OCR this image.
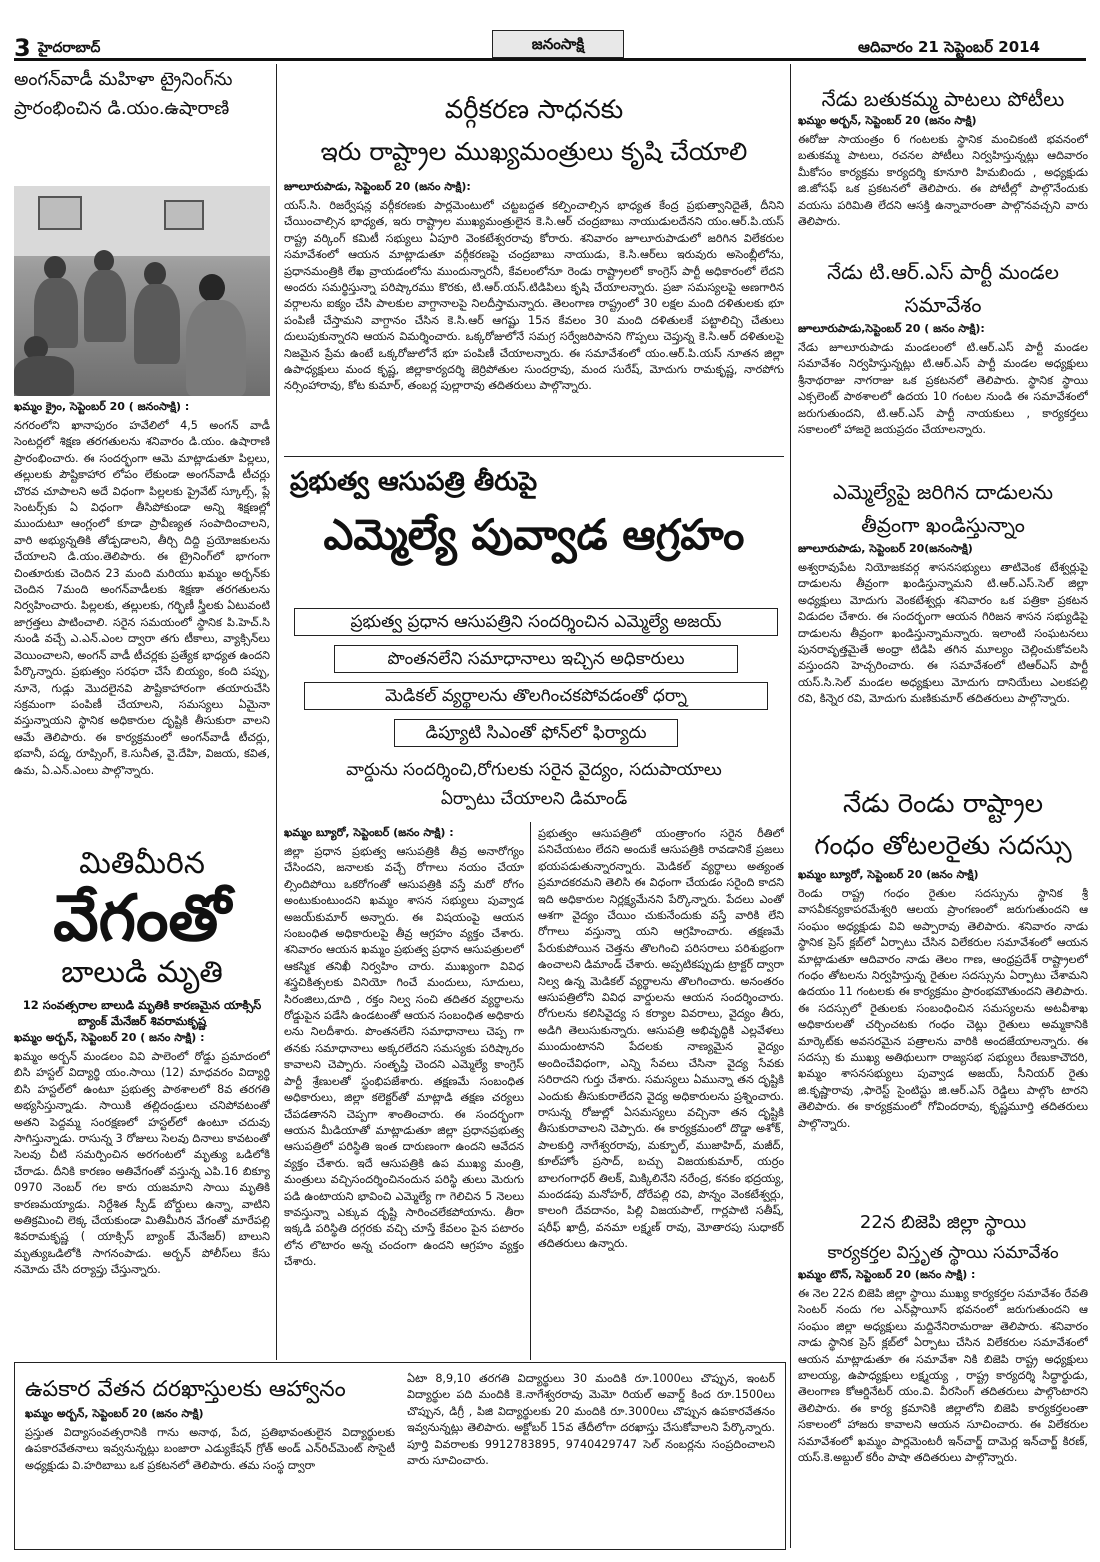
3 హైదరాబాద్	జనంసాక్షి	ఆదివారం 21 సెప్టెంబర్ 2014

అంగన్‌వాడీ మహిళా ట్రైనింగ్‌ను

ప్రారంభించిన డి.యం.ఉషారాణి

ఖమ్మం క్రైం, సెప్టెంబర్ 20 ( జనంసాక్షి) :

నగరంలోని ఖానాపురం హవేలిలో 4,5 అంగన్ వాడీ సెంటర్లలో శిక్షణ తరగతులను శనివారం డి.యం. ఉషారాణి ప్రారంభించారు. ఈ సందర్భంగా ఆమె మాట్లాడుతూ పిల్లలు, తల్లులకు పౌష్టికాహార లోపం లేకుండా అంగన్‌వాడీ టీచర్లు చొరవ చూపాలని అదే విధంగా పిల్లలకు ప్రైవేట్ స్కూల్స్, ప్లే సెంటర్స్‌కు ఏ విధంగా తీసిపోకుండా అన్ని శిక్షణల్లో ముందుటూ ఆంగ్లంలో కూడా ప్రావీణ్యత సంపాదించాలని, వారి అభ్యున్నతికి తోడ్పడాలని, తీర్చి దిద్ది ప్రయోజకులను చేయాలని డి.యం.తెలిపారు. ఈ ట్రైనింగ్‌లో భాగంగా చింతూరుకు చెందిన 23 మంది మరియు ఖమ్మం అర్బన్‌కు చెందిన 7మంది అంగన్‌వాడీలకు శిక్షణా తరగతులను నిర్వహించారు. పిల్లలకు, తల్లులకు, గర్భిణీ స్త్రీలకు ఏటువంటి జాగ్రత్తలు పాటించాలి. సరైన సమయంలో స్థానిక పి.హెచ్.సి నుండి వచ్చే ఎ.ఎన్.ఎంల ద్వారా తగు టీకాలు, వ్యాక్సిన్‌లు వెయించాలని, అంగన్ వాడీ టీచర్లకు ప్రత్యేక భాధ్యత ఉందని పేర్కొన్నారు. ప్రభుత్వం సరఫరా చేసే బియ్యం, కంది పప్పు, నూనె, గుడ్లు మొదలైనవి పౌష్టికాహారంగా తయారుచేసి సక్రమంగా పంపిణీ చేయాలని, సమస్యలు ఏమైనా వస్తున్నాయని స్థానిక అధికారుల దృష్టికి తీసుకురా వాలని ఆమే తెలిపారు. ఈ కార్యక్రమంలో అంగన్‌వాడీ టీచర్లు, భవానీ, పద్మ, రూప్సింగ్, కె.సునీత, వై.దేహి, విజయ, కవిత, ఉమ, ఏ.ఎన్.ఎంలు పాల్గొన్నారు.

మితిమీరిన

వేగంతో

బాలుడి మృతి

12 సంవత్సరాల బాలుడి మృతికి కారణమైన యాక్సిస్ బ్యాంక్ మేనేజర్ శివరామకృష్ణ

ఖమ్మం అర్బన్, సెప్టెంబర్ 20 ( జనం సాక్షి) :

ఖమ్మం అర్బన్ మండలం వివి పాలెంలో రోడ్డు ప్రమాదంలో బిసి హస్టల్ విద్యార్థి యం.సాయి (12) మాధవరం విద్యార్థి బిసి హస్టల్‌లో ఉంటూ ప్రభుత్వ పాఠశాలలో 8వ తరగతి అభ్యసిస్తున్నాడు. సాయికి తల్లిదండ్రులు చనిపోవటంతో అతని పెద్దమ్మ సంరక్షణలో హస్టల్‌లో ఉంటూ చదువు సాగిస్తున్నాడు. రాసున్న 3 రోజులు సెలవు దినాలు కావటంతో సెలవు చీటి సమర్పించిన అరగంటలో మృత్యు ఒడిలోకి చేరాడు. దీనికి కారణం అతివేగంతో వస్తున్న ఎపి.16 బిక్యూ 0970 నెంబర్ గల కారు యజమాని సాయి మృతికి కారణమయ్యాడు. నిర్దేశిత స్పీడ్ బోర్డులు ఉన్నా, వాటిని అతిక్రమించి లెక్క చేయకుండా మితిమీరిన వేగంతో మారేపల్లి శివరామకృష్ణ ( యాక్సిస్ బ్యాంక్ మేనేజర్) బాలుని మృత్యుఒడిలోకి సాగనంపాడు. అర్బన్ పోలీస్‌లు కేసు నమోదు చేసి దర్యాప్తు చేస్తున్నారు.

వర్గీకరణ సాధనకు

ఇరు రాష్ట్రాల ముఖ్యమంత్రులు కృషి చేయాలి

జూలూరుపాడు, సెప్టెంబర్ 20 (జనం సాక్షి):

యస్.సి. రిజర్వేషన్ల వర్గీకరణకు పార్లమెంటులో చట్టబద్దత కల్పించాల్సిన భాధ్యత కేంద్ర ప్రభుత్వానిదైతే, దీనిని చేయించాల్సిన భాధ్యత, ఇరు రాష్ట్రాల ముఖ్యమంత్రులైన కె.సి.ఆర్ చంద్రబాబు నాయుడులదేనని యం.ఆర్.పి.యస్ రాష్ట్ర వర్కింగ్ కమిటీ సభ్యులు ఏపూరి వెంకటేశ్వరరావు కోరారు. శనివారం జూలూరుపాడులో జరిగిన విలేకరుల సమావేశంలో ఆయన మాట్లాడుతూ వర్గీకరణపై చంద్రబాబు నాయుడు, కె.సి.ఆర్‌లు ఇరువురు అసెంబ్లీలోను, ప్రధానమంత్రికి లేఖ వ్రాయడంలోను ముందున్నారనీ, కేవలంలోనూ రెండు రాష్ట్రాలలో కాంగ్రెస్ పార్టీ అధికారంలో లేదని అందరు సమర్థిస్తున్నా పరిష్కారము కొరకు, టి.ఆర్.యస్.టిడిపిలు కృషి చేయాలన్నారు. ప్రజా సమస్యలపై అణగారిన వర్గాలను ఐక్యం చేసి పాలకుల వాగ్దానాలపై నిలదీస్తామన్నారు. తెలంగాణ రాష్ట్రంలో 30 లక్షల మంది దళితులకు భూ పంపిణీ చేస్తామని వాగ్దానం చేసిన కె.సి.ఆర్ ఆగష్టు 15న కేవలం 30 మంది దళితులకే పట్టాలిచ్చి చేతులు దులుపుకున్నారని ఆయన విమర్శించారు. ఒక్కరోజులోనే సమగ్ర సర్వేజరిపానని గొప్పలు చెప్తున్న కె.సి.ఆర్ దళితులపై నిజమైన ప్రేమ ఉంటే ఒక్కరోజులోనే భూ పంపిణీ చేయాలన్నారు. ఈ సమావేశంలో యం.ఆర్.పి.యస్ నూతన జిల్లా ఉపాధ్యక్షులు మంద కృష్ణ, జిల్లాకార్యదర్శి జెర్రిపోతుల సుందర్రావు, మంద సురేష్, మోదుగు రామకృష్ణ, నారపోగు నర్సింహారావు, కోట కుమార్, తంబర్ల పుల్లారావు తదితరులు పాల్గొన్నారు.

ప్రభుత్వ ఆసుపత్రి తీరుపై

ఎమ్మెల్యే పువ్వాడ ఆగ్రహం

ప్రభుత్వ ప్రధాన ఆసుపత్రిని సందర్శించిన ఎమ్మెల్యే అజయ్
పొంతనలేని సమాధానాలు ఇచ్చిన అధికారులు
మెడికల్ వ్యర్థాలను తొలగించకపోవడంతో ధర్నా
డిప్యూటి సిఎంతో ఫోన్‌లో ఫిర్యాదు

వార్డును సందర్శించి,రోగులకు సరైన వైద్యం, సదుపాయాలు

ఏర్పాటు చేయాలని డిమాండ్

ఖమ్మం బ్యూరో, సెప్టెంబర్ (జనం సాక్షి) :

జిల్లా ప్రధాన ప్రభుత్వ ఆసుపత్రికి తీవ్ర అనారోగ్యం చేసిందని, జనాలకు వచ్చే రోగాలు నయం చేయా ల్సిందిపోయి ఒకరోగంతో ఆసుపత్రికి వస్తే మరో రోగం అంటుకుంటుందని ఖమ్మం శాసన సభ్యులు పువ్వాడ అజయ్‌కుమార్ అన్నారు. ఈ విషయంపై ఆయన సంబంధిత అధికారులపై తీవ్ర ఆగ్రహం వ్యక్తం చేశారు. శనివారం ఆయన ఖమ్మం ప్రభుత్వ ప్రధాన ఆసుపత్రులలో ఆకస్మిక తనిఖీ నిర్వహిం చారు. ముఖ్యంగా వివిధ శస్త్రచికిత్సలకు వినియో గించే మందులు, సూదులు, సిరంజిలు,దూది , రక్తం నిల్వ సంచి తదితర వ్యర్థాలను రోడ్డుపైన పడేసి ఉండటంతో ఆయన సంబంధిత అధికారు లను నిలదీశారు. పొంతనలేని సమాధానాలు చెప్ప గా తనకు సమాధానాలు అక్కరలేదని సమస్యకు పరిష్కారం కావాలని చెప్పారు. సంతృప్తి చెందని ఎమ్మెల్యే కాంగ్రెస్ పార్టీ శ్రేణులతో స్థంభిపజేశారు. తక్షణమే సంబంధిత అధికారులు, జిల్లా కలెక్టర్‌తో మాట్లాడి తక్షణ చర్యలు చేపడతానని చెప్పగా శాంతించారు. ఈ సందర్భంగా ఆయన మీడియాతో మాట్లాడుతూ జిల్లా ప్రధానప్రభుత్వ ఆసుపత్రిలో పరిస్థితి ఇంత దారుణంగా ఉందని ఆవేదన వ్యక్తం చేశారు. ఇదే ఆసుపత్రికి ఉప ముఖ్య మంత్రి, మంత్రులు వచ్చిసందర్శించినందున పరిస్థి తులు మెరుగు పడి ఉంటాయని భావించి ఎమ్మెల్యే గా గెలిచిన 5 నెలలు కావస్తున్నా ఎక్కువ దృష్టి సారించలేకపోయాను. తీరా ఇక్కడి పరిస్థితి దగ్గరకు వచ్చి చూస్తే కేవలం పైన పటారం లోన లొటారం అన్న చందంగా ఉందని ఆగ్రహం వ్యక్తం చేశారు.

ప్రభుత్వం ఆసుపత్రిలో యంత్రాంగం సరైన రీతిలో పనిచేయటం లేదని అందుకే ఆసుపత్రికి రావడానికే ప్రజలు భయపడుతున్నారన్నారు. మెడికల్ వ్యర్థాలు అత్యంత ప్రమాదకరమని తెలిసి ఈ విధంగా చేయడం సరైంది కాదని ఇది అధికారుల నిర్లక్ష్యమేనని పేర్కొన్నారు. పేదలు ఎంతో ఆశగా వైద్యం చేయిం చుకునేందుకు వస్తే వారికి లేని రోగాలు వస్తున్నా యని ఆగ్రహించారు. తక్షణమే పేరుకుపోయిన చెత్తను తొలగించి పరిసరాలు పరిశుభ్రంగా ఉంచాలని డిమాండ్ చేశారు. అప్పటికప్పుడు ట్రాక్టర్ ద్వారా నిల్వ ఉన్న మెడికల్ వ్యర్థాలను తొలగించారు. అనంతరం ఆసుపత్రిలోని వివిధ వార్డులను ఆయన సందర్శించారు. రోగులను కలిసివైద్య స కర్యాల వివరాలు, వైద్యం తీరు, అడిగి తెలుసుకున్నారు. ఆసుపత్రి అభివృద్ధికి ఎల్లవేళలు ముందుంటానని పేదలకు నాణ్యమైన వైద్యం అందించేవిధంగా, ఎన్ని సేవలు చేసినా వైద్య సేవకు సరిరాదని గుర్తు చేశారు. సమస్యలు ఏమున్నా తన దృష్టికి ఎందుకు తీసుకురాలేదని వైద్య అధికారులను ప్రశ్నించారు. రాసున్న రోజుల్లో ఏసమస్యలు వచ్చినా తన దృష్టికి తీసుకురావాలని చెప్పారు. ఈ కార్యక్రమంలో దొడ్డా అశోక్, పాలకుర్తి నాగేశ్వరరావు, మక్బూల్, ముజాహిద్, మజీద్, కూల్‌హోం ప్రసాద్, బచ్చు విజయకుమార్, యర్రం బాలగంగాధర్ తిలక్, మిక్కిలినేని నరేంద్ర, కనకం భద్రయ్య, మందడపు మనోహర్, దోరేపల్లి రవి, పొన్నం వెంకటేశ్వర్లు, కాలంగి దేవదానం, పిల్లి విజయపాల్, గార్లపాటి సతీష్, షరీఫ్ ఖాద్రీ, వనమా లక్ష్మణ్ రావు, మోతారపు సుధాకర్ తదితరులు ఉన్నారు.

ఉపకార వేతన దరఖాస్తులకు ఆహ్వానం

ఖమ్మం అర్బన్, సెప్టెంబర్ 20 (జనం సాక్షి)

ప్రస్తుత విద్యాసంవత్సరానికి గాను అనాథ, పేద, ప్రతిభావంతులైన విద్యార్థులకు ఉపకారవేతనాలు ఇవ్వనున్నట్లు బంజారా ఎడ్యుకేషన్ గ్రోత్ అండ్ ఎన్‌రిచ్‌మెంట్ సొసైటీ అధ్యక్షుడు వి.హరిబాబు ఒక ప్రకటనలో తెలిపారు. తమ సంస్థ ద్వారా

ఏటా 8,9,10 తరగతి విద్యార్థులు 30 మందికి రూ.1000లు చొప్పున, ఇంటర్ విద్యార్థుల పది మందికి కె.నాగేశ్వరరావు మెమో రియల్ అవార్డ్ కింద రూ.1500లు చొప్పున, డిగ్రీ , పిజి విద్యార్థులకు 20 మందికి రూ.3000లు చొప్పున ఉపకారవేతనం ఇవ్వనున్నట్లు తెలిపారు. అక్టోబర్ 15వ తేదీలోగా దరఖాస్తు చేసుకోవాలని పేర్కొన్నారు. పూర్తి వివరాలకు 9912783895, 9740429747 సెల్ నంబర్లను సంప్రదించాలని వారు సూచించారు.

నేడు బతుకమ్మ పాటలు పోటీలు

ఖమ్మం అర్బన్, సెప్టెంబర్ 20 (జనం సాక్షి)

ఈరోజు సాయంత్రం 6 గంటలకు స్థానిక మంచికంటి భవనంలో బతుకమ్మ పాటలు, రచనల పోటీలు నిర్వహిస్తున్నట్లు ఆదివారం మీకోసం కార్యక్రమ కార్యదర్శి కూనూరి హిమబిందు , అధ్యక్షుడు జి.జోసఫ్ ఒక ప్రకటనలో తెలిపారు. ఈ పోటీల్లో పాల్గొనేందుకు వయసు పరిమితి లేదని ఆసక్తి ఉన్నావారంతా పాల్గొనవచ్చని వారు తెలిపారు.

నేడు టి.ఆర్.ఎస్ పార్టీ మండల

సమావేశం

జూలూరుపాడు,సెప్టెంబర్ 20 ( జనం సాక్షి):

నేడు జూలూరుపాడు మండలంలో టి.ఆర్.ఎస్ పార్టీ మండల సమావేశం నిర్వహిస్తున్నట్లు టి.ఆర్.ఎస్ పార్టీ మండల అధ్యక్షులు శ్రీనాథరాజు నాగరాజు ఒక ప్రకటనలో తెలిపారు. స్థానిక స్థాయి ఎక్సలెంట్ పాఠశాలలో ఉదయ 10 గంటల నుండి ఈ సమావేశంలో జరుగుతుందని, టి.ఆర్.ఎస్ పార్టీ నాయకులు , కార్యకర్తలు సకాలంలో హాజరై జయప్రదం చేయాలన్నారు.

ఎమ్మెల్యేపై జరిగిన దాడులను

తీవ్రంగా ఖండిస్తున్నాం

జూలూరుపాడు, సెప్టెంబర్ 20(జనంసాక్షి)

అశ్వరావుపేట నియోజకవర్గ శాసనసభ్యులు తాటివెంక టేశ్వర్లుపై దాడులను తీవ్రంగా ఖండిస్తున్నామని టి.ఆర్.ఎస్.సెల్ జిల్లా అధ్యక్షులు మోదుగు వెంకటేశ్వర్లు శనివారం ఒక పత్రికా ప్రకటన విడుదల చేశారు. ఈ సందర్భంగా ఆయన గిరిజన శాసన సభ్యుడిపై దాడులను తీవ్రంగా ఖండిస్తున్నామన్నారు. ఇలాంటి సంఘటనలు పునరావృత్తమైతే అంధ్రా టిడిపి తగిన మూల్యం చెల్లించుకోవలసి వస్తుందని హెచ్చరించారు. ఈ సమావేశంలో టిఆర్ఎస్ పార్టీ యస్.సి.సెల్ మండల అధ్యక్షులు మోదుగు దానియేలు ఎలకపల్లి రవి, కిన్నెర రవి, మోదుగు మణికుమార్ తదితరులు పాల్గొన్నారు.

నేడు రెండు రాష్ట్రాల

గంధం తోటలరైతు సదస్సు

ఖమ్మం బ్యూరో, సెప్టెంబర్ 20 (జనం సాక్షి)

రెండు రాష్ట్ర గంధం రైతుల సదస్సును స్థానిక శ్రీ వాసవీకన్యకాపరమేశ్వరి ఆలయ ప్రాంగణంలో జరుగుతుందని ఆ సంఘం అధ్యక్షుడు వివి అప్పారావు తెలిపారు. శనివారం నాడు స్థానిక ప్రెస్ క్లబ్‌లో ఏర్పాటు చేసిన విలేకరుల సమావేశంలో ఆయన మాట్లాడుతూ ఆదివారం నాడు తెలం గాణ, ఆంధ్రప్రదేశ్ రాష్ట్రాలలో గంధం తోటలను నిర్వహిస్తున్న రైతుల సదస్సును ఏర్పాటు చేశామని ఉదయం 11 గంటలకు ఈ కార్యక్రమం ప్రారంభమౌతుందని తెలిపారు. ఈ సదస్సులో రైతులకు సంబంధించిన సమస్యలను అటవీశాఖ అధికారులతో చర్చించటకు గంధం చెట్లు రైతులు అమ్మకానికి మార్కెట్‌కు అవసరమైన పత్రాలను వారికి అందజేయాలన్నారు. ఈ సదస్సు కు ముఖ్య అతిథులుగా రాజ్యసభ సభ్యులు రేణుకాచౌదరి, ఖమ్మం శాసనసభ్యులు పువ్వాడ అజయ్, సీనియర్ రైతు జి.కృష్ణారావు ,ఫారెస్ట్ సైంటిస్టు జి.ఆర్.ఎస్ రెడ్డిలు పాల్గొం టారని తెలిపారు. ఈ కార్యక్రమంలో గోవిందరావు, కృష్ణమూర్తి తదితరులు పాల్గొన్నారు.

22న బిజెపి జిల్లా స్థాయి

కార్యకర్తల విస్తృత స్థాయి సమావేశం

ఖమ్మం టౌన్, సెప్టెంబర్ 20 (జనం సాక్షి) :

ఈ నెల 22న బిజెపి జిల్లా స్థాయి ముఖ్య కార్యకర్తల సమావేశం రేవతి సెంటర్ నందు గల ఎన్‌ప్లాయీస్ భవనంలో జరుగుతుందని ఆ సంఘం జిల్లా అధ్యక్షులు మద్దినేనిరామరాజు తెలిపారు. శనివారం నాడు స్థానిక ప్రెస్ క్లబ్‌లో ఏర్పాటు చేసిన విలేకరుల సమావేశంలో ఆయన మాట్లాడుతూ ఈ సమావేశా నికి బిజెపి రాష్ట్ర అధ్యక్షులు బాలయ్య, ఉపాధ్యక్షులు లక్ష్మయ్య , రాష్ట్ర కార్యదర్శి సిద్ధార్థుడు, తెలంగాణ కోఆర్డినేటర్ యం.వి. వీరసింగ్ తదితరులు పాల్గొంటారని తెలిపారు. ఈ కార్య క్రమానికి జిల్లాలోని బిజెపి కార్యకర్తలంతా సకాలంలో హాజరు కావాలని ఆయన సూచించారు. ఈ విలేకరుల సమావేశంలో ఖమ్మం పార్లమెంటరీ ఇన్‌చార్జ్ దామెర్ల ఇన్‌చార్జ్ కిరణ్, యస్.కె.అబ్దుల్ కరీం పాషా తదితరులు పాల్గొన్నారు.
